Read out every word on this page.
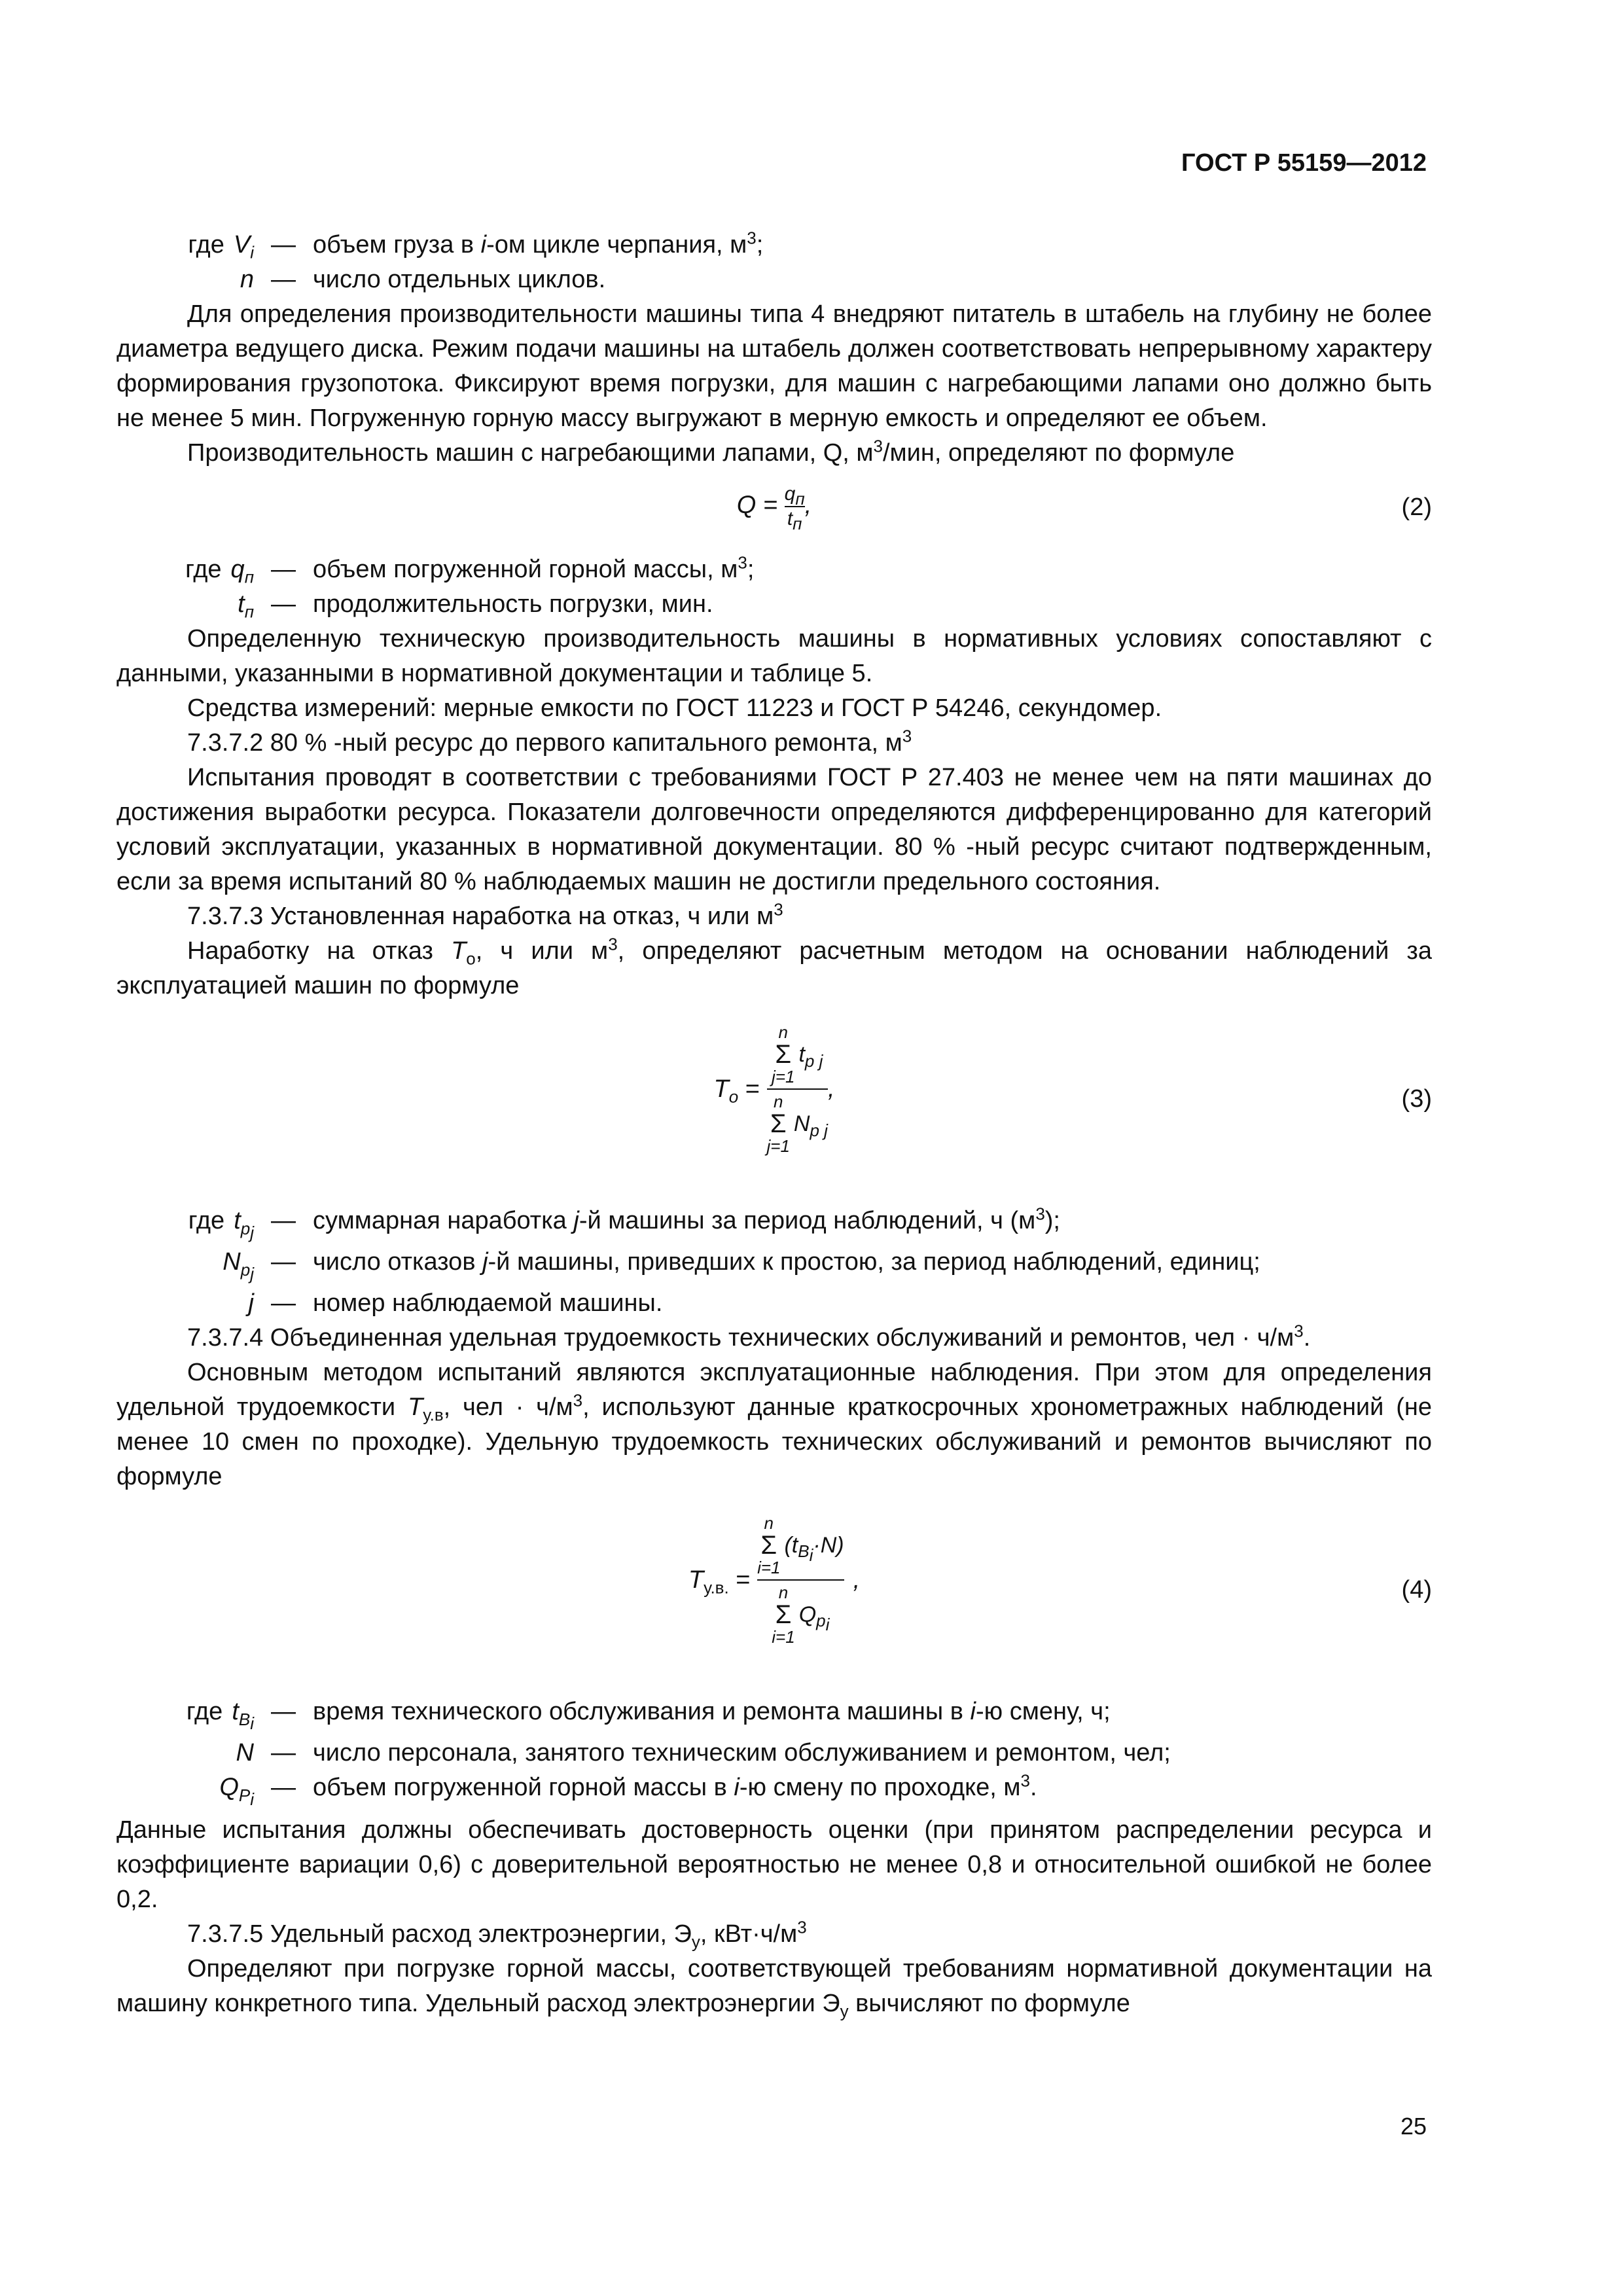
ГОСТ Р 55159—2012
где $V_i$ — объем груза в i-ом цикле черпания, $м^3$;
n — число отдельных циклов.

Для определения производительности машины типа 4 внедряют питатель в штабель на глубину не более диаметра ведущего диска. Режим подачи машины на штабель должен соответствовать непрерывному характеру формирования грузопотока. Фиксируют время погрузки, для машин с нагребающими лапами оно должно быть не менее 5 мин. Погруженную горную массу выгружают в мерную емкость и определяют ее объем.

Производительность машин с нагребающими лапами, Q, $м^3$/мин, определяют по формуле

$Q = \frac{q_п}{t_п}$ ,	(2)
где $q_п$ — объем погруженной горной массы, $м^3$;
$t_п$ — продолжительность погрузки, мин.

Определенную техническую производительность машины в нормативных условиях сопоставляют с данными, указанными в нормативной документации и таблице 5.

Средства измерений: мерные емкости по ГОСТ 11223 и ГОСТ Р 54246, секундомер.

7.3.7.2 80 % -ный ресурс до первого капитального ремонта, $м^3$

Испытания проводят в соответствии с требованиями ГОСТ Р 27.403 не менее чем на пяти машинах до достижения выработки ресурса. Показатели долговечности определяются дифференцированно для категорий условий эксплуатации, указанных в нормативной документации. 80 % -ный ресурс считают подтвержденным, если за время испытаний 80 % наблюдаемых машин не достигли предельного состояния.

7.3.7.3 Установленная наработка на отказ, ч или $м^3$

Наработку на отказ $T_о$, ч или $м^3$, определяют расчетным методом на основании наблюдений за эксплуатацией машин по формуле

$T_o$ =
n
Σ
j=1
$t_{p j}$
n
Σ
j=1
$N_{p j}$
,	(3)
где $t_{p_j}$ — суммарная наработка j-й машины за период наблюдений, ч $(м^3)$;
$N_{p_j}$ — число отказов j-й машины, приведших к простою, за период наблюдений, единиц;
j — номер наблюдаемой машины.

7.3.7.4 Объединенная удельная трудоемкость технических обслуживаний и ремонтов, чел · $ч/м^3$.

Основным методом испытаний являются эксплуатационные наблюдения. При этом для определения удельной трудоемкости $T_{у.в}$, чел · $ч/м^3$, используют данные краткосрочных хронометражных наблюдений (не менее 10 смен по проходке). Удельную трудоемкость технических обслуживаний и ремонтов вычисляют по формуле

$T_{у.в.}$ =
n
Σ
i=1
$(t_{B_i}\cdot N)$
n
Σ
i=1
$Q_{p_i}$
,	(4)
где $t_{B_i}$ — время технического обслуживания и ремонта машины в i-ю смену, ч;
N — число персонала, занятого техническим обслуживанием и ремонтом, чел;
$Q_{P_i}$ — объем погруженной горной массы в i-ю смену по проходке, $м^3$.

Данные испытания должны обеспечивать достоверность оценки (при принятом распределении ресурса и коэффициенте вариации 0,6) с доверительной вероятностью не менее 0,8 и относительной ошибкой не более 0,2.

7.3.7.5 Удельный расход электроэнергии, $Э_у$, $кВт\cdot ч/м^3$

Определяют при погрузке горной массы, соответствующей требованиям нормативной документации на машину конкретного типа. Удельный расход электроэнергии $Э_у$ вычисляют по формуле

25
